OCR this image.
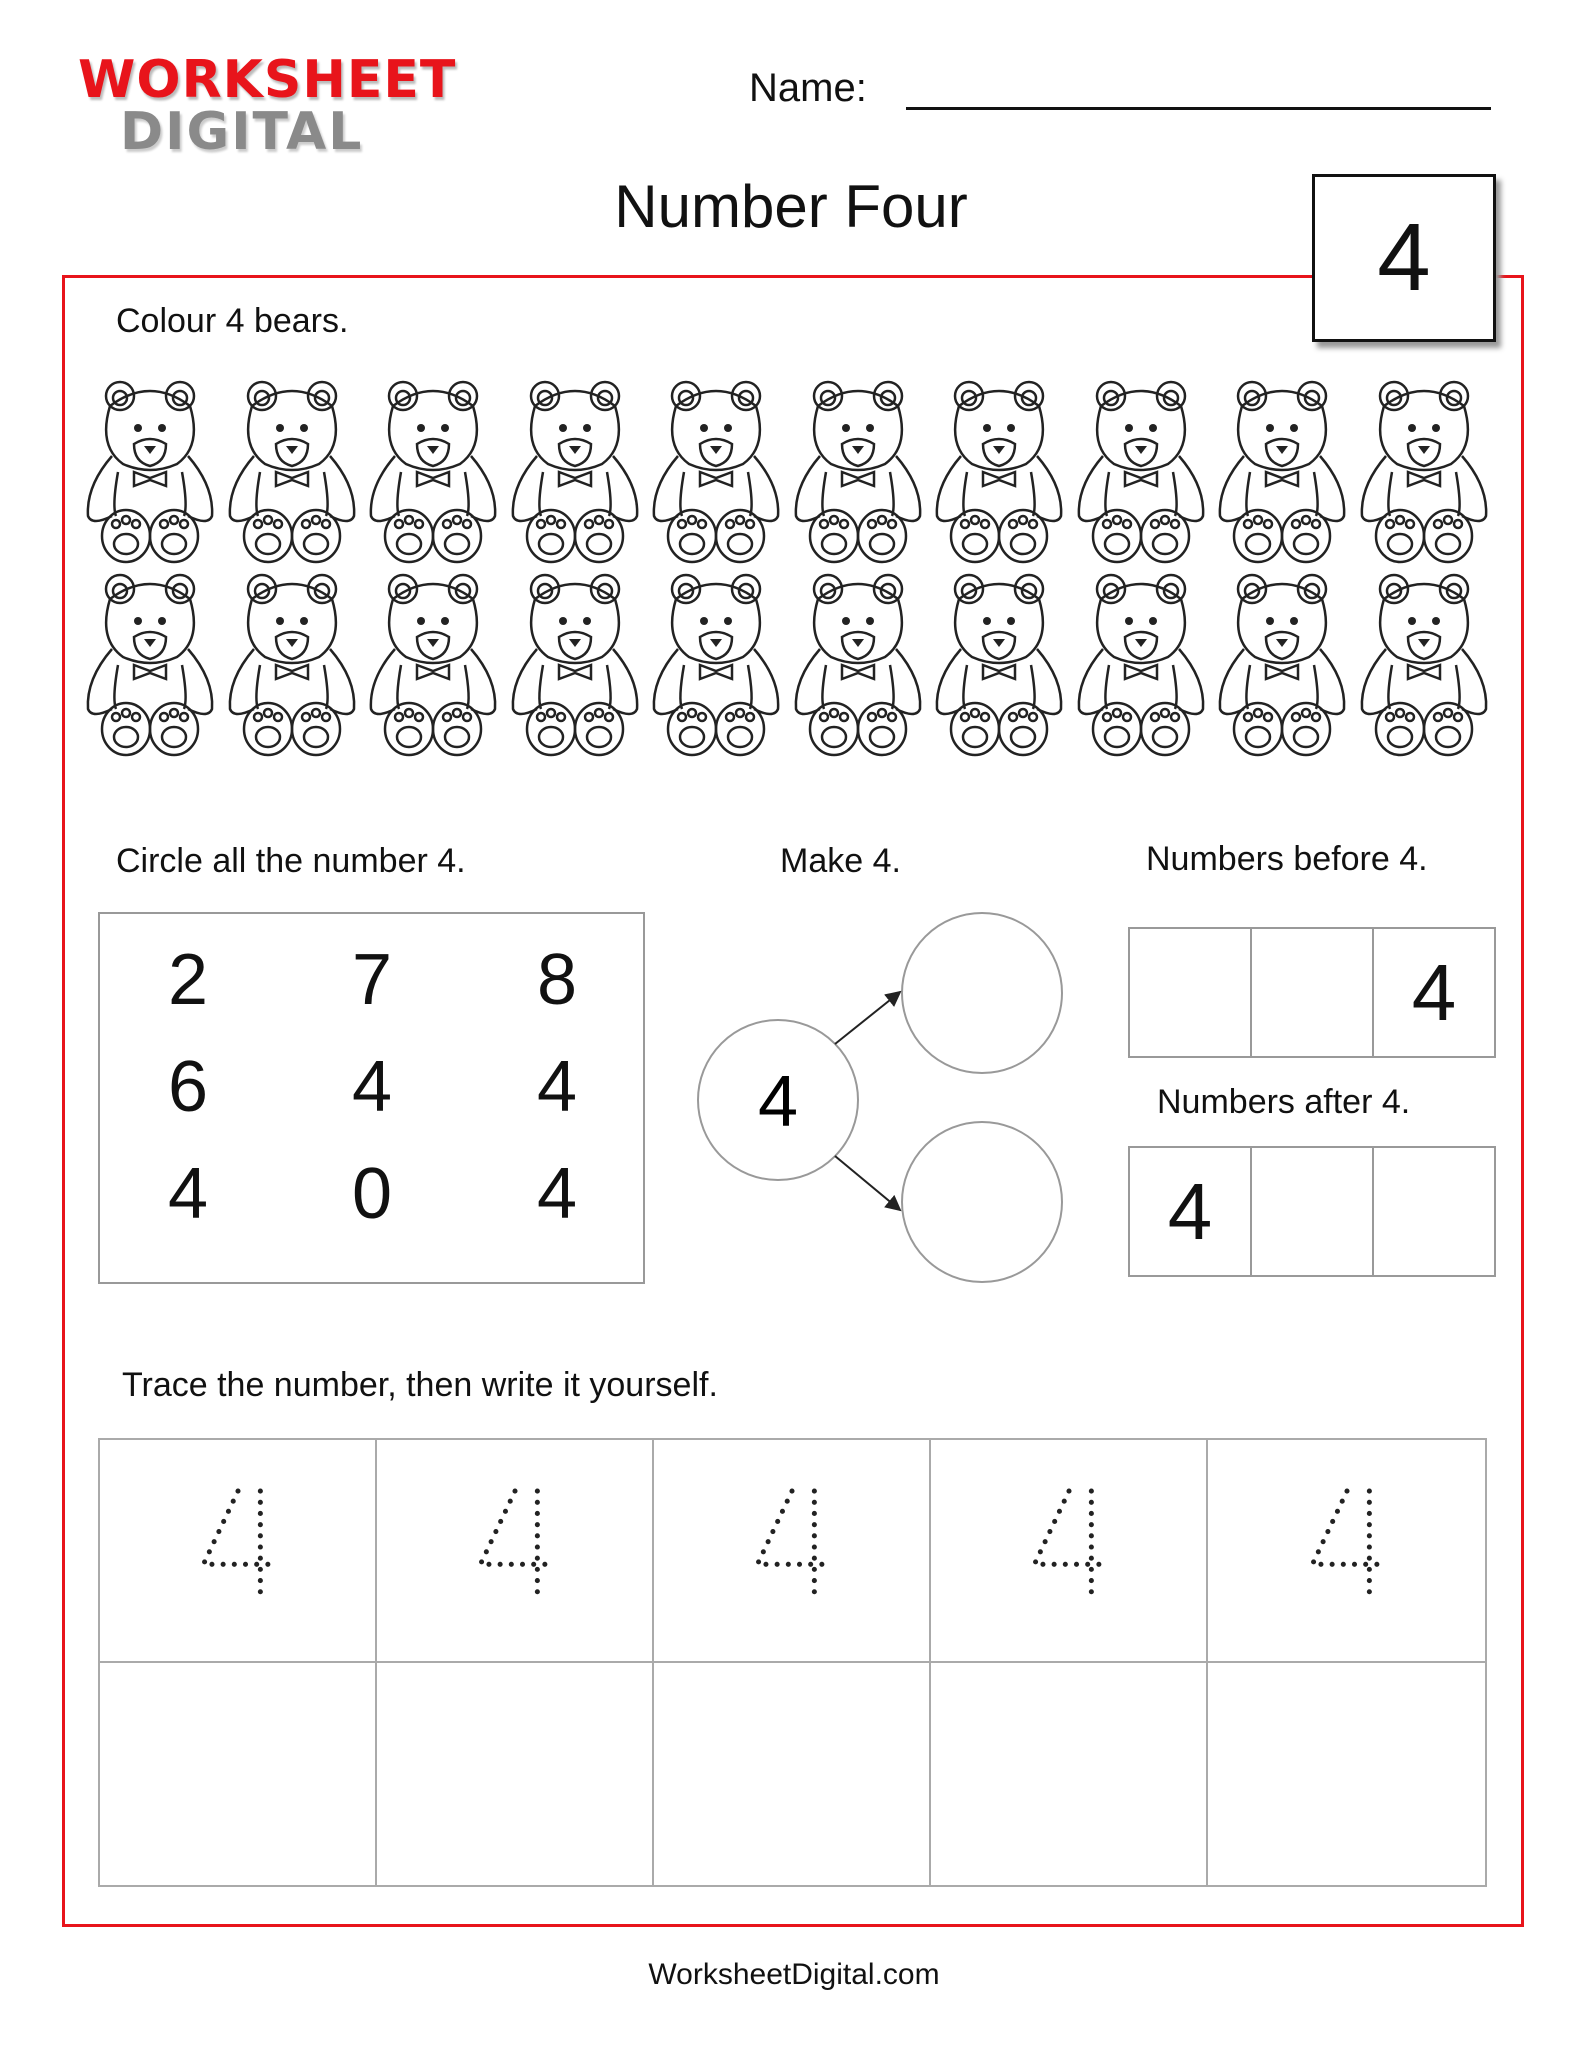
WORKSHEET
DIGITAL
Name:
Number Four	4
Colour 4 bears.
Circle all the number 4.
2	7	8
6	4	4
4	0	4
Make 4.
4
Numbers before 4.
4
Numbers after 4.
4
Trace the number, then write it yourself.
WorksheetDigital.com
